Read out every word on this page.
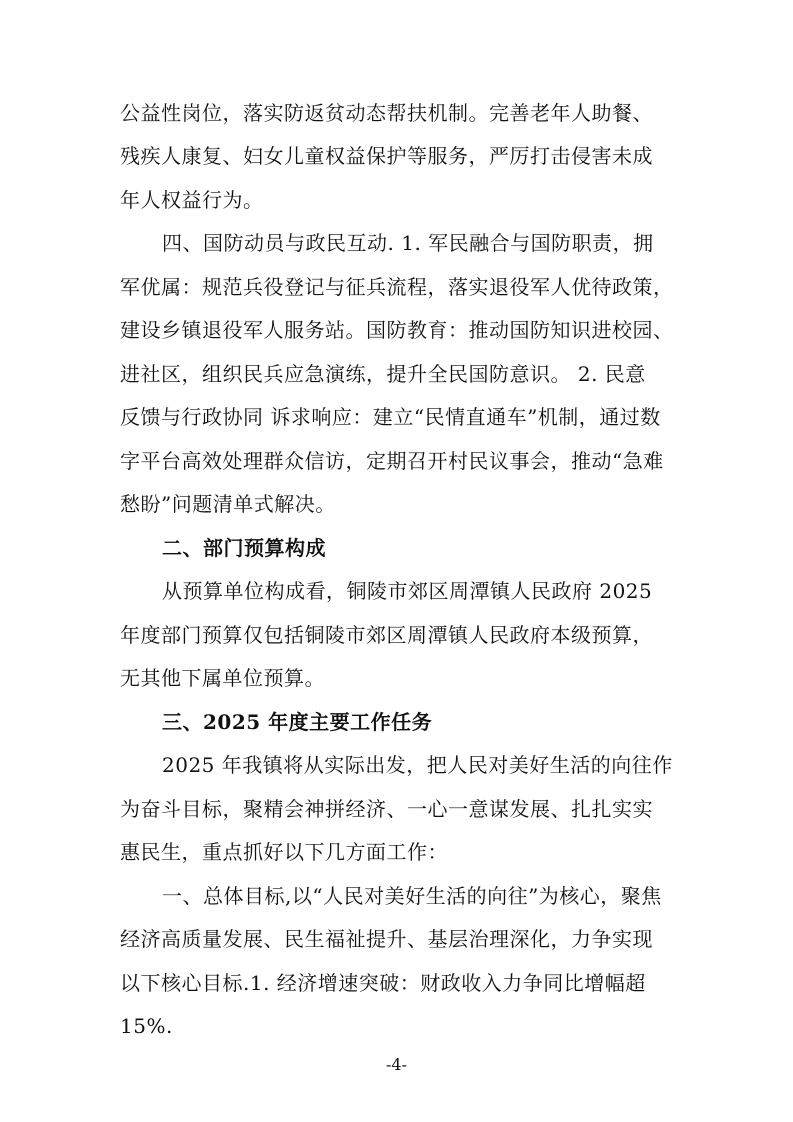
公益性岗位，落实防返贫动态帮扶机制。完善老年人助餐、
残疾人康复、妇女儿童权益保护等服务，严厉打击侵害未成
年人权益行为。
四、国防动员与政民互动. 1. 军民融合与国防职责，拥
军优属：规范兵役登记与征兵流程，落实退役军人优待政策，
建设乡镇退役军人服务站。国防教育：推动国防知识进校园、
进社区，组织民兵应急演练，提升全民国防意识。 2. 民意
反馈与行政协同 诉求响应：建立“民情直通车”机制，通过数
字平台高效处理群众信访，定期召开村民议事会，推动“急难
愁盼”问题清单式解决。
二、部门预算构成
从预算单位构成看，铜陵市郊区周潭镇人民政府 2025
年度部门预算仅包括铜陵市郊区周潭镇人民政府本级预算，
无其他下属单位预算。
三、2025 年度主要工作任务
2025 年我镇将从实际出发，把人民对美好生活的向往作
为奋斗目标，聚精会神拼经济、一心一意谋发展、扎扎实实
惠民生，重点抓好以下几方面工作：
一、总体目标,以“人民对美好生活的向往”为核心，聚焦
经济高质量发展、民生福祉提升、基层治理深化，力争实现
以下核心目标.1. 经济增速突破：财政收入力争同比增幅超
15%.
-4-
